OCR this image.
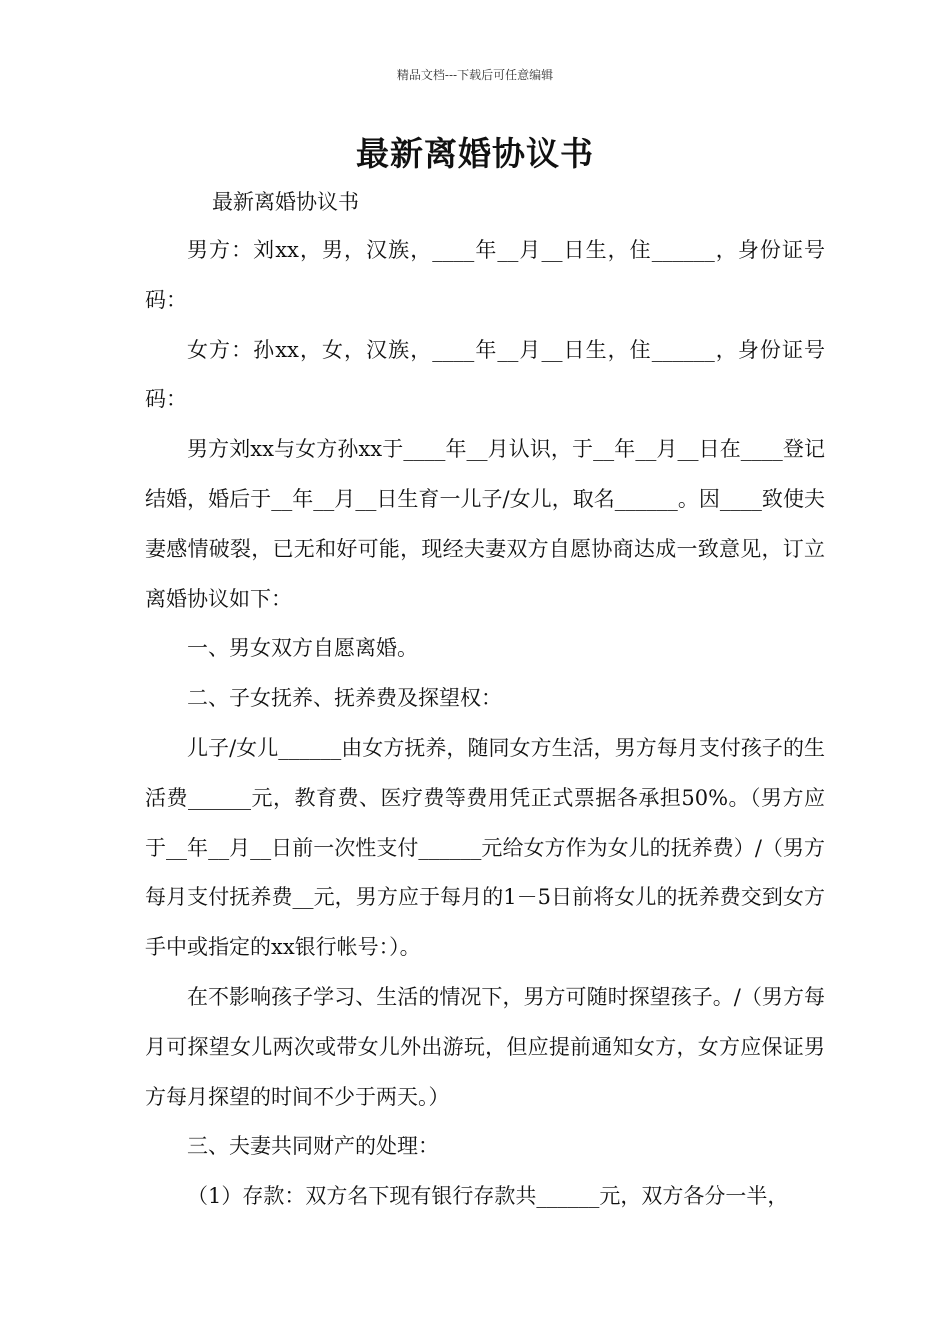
精品文档---下载后可任意编辑
最新离婚协议书
最新离婚协议书

男方：刘xx，男，汉族，____年__月__日生，住______，身份证号码：

女方：孙xx，女，汉族，____年__月__日生，住______，身份证号码：

男方刘xx与女方孙xx于____年__月认识，于__年__月__日在____登记结婚，婚后于__年__月__日生育一儿子/女儿，取名______。因____致使夫妻感情破裂，已无和好可能，现经夫妻双方自愿协商达成一致意见，订立离婚协议如下：

一、男女双方自愿离婚。

二、子女抚养、抚养费及探望权：

儿子/女儿______由女方抚养，随同女方生活，男方每月支付孩子的生活费______元，教育费、医疗费等费用凭正式票据各承担50%。（男方应于__年__月__日前一次性支付______元给女方作为女儿的抚养费）/（男方每月支付抚养费__元，男方应于每月的1－5日前将女儿的抚养费交到女方手中或指定的xx银行帐号：）。

在不影响孩子学习、生活的情况下，男方可随时探望孩子。/（男方每月可探望女儿两次或带女儿外出游玩，但应提前通知女方，女方应保证男方每月探望的时间不少于两天。）

三、夫妻共同财产的处理：

（1）存款：双方名下现有银行存款共______元，双方各分一半，
